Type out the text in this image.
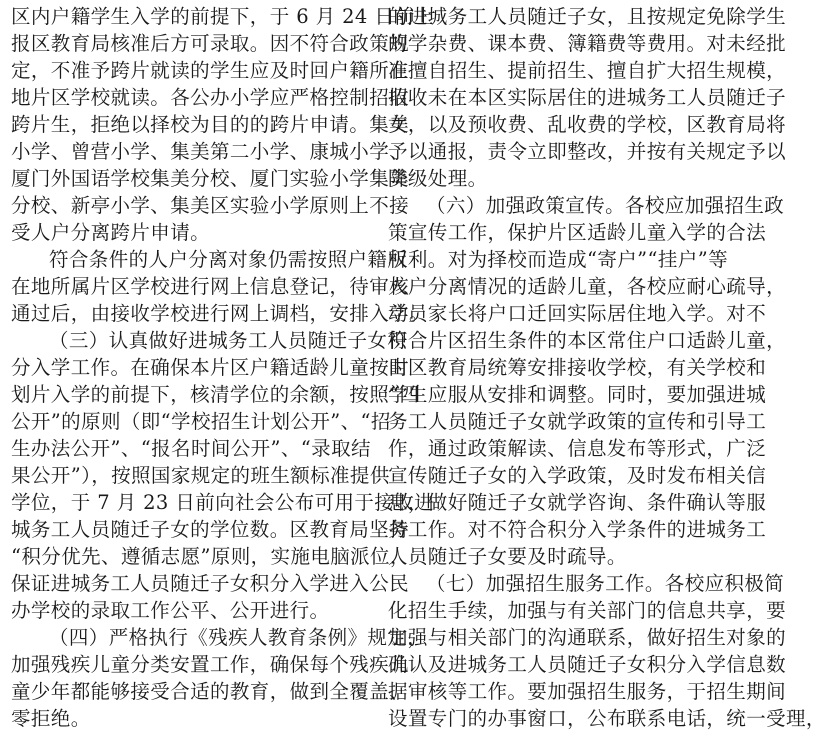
区内户籍学生入学的前提下，于 6 月 24 日前上
报区教育局核准后方可录取。因不符合政策规
定，不准予跨片就读的学生应及时回户籍所在
地片区学校就读。各公办小学应严格控制招收
跨片生，拒绝以择校为目的的跨片申请。集美
小学、曾营小学、集美第二小学、康城小学、
厦门外国语学校集美分校、厦门实验小学集美
分校、新亭小学、集美区实验小学原则上不接
受人户分离跨片申请。
符合条件的人户分离对象仍需按照户籍所
在地所属片区学校进行网上信息登记，待审核
通过后，由接收学校进行网上调档，安排入学。
（三）认真做好进城务工人员随迁子女积
分入学工作。在确保本片区户籍适龄儿童按时
划片入学的前提下，核清学位的余额，按照“四
公开”的原则（即“学校招生计划公开”、“招
生办法公开”、“报名时间公开”、“录取结
果公开”），按照国家规定的班生额标准提供
学位，于 7 月 23 日前向社会公布可用于接收进
城务工人员随迁子女的学位数。区教育局坚持
“积分优先、遵循志愿”原则，实施电脑派位，
保证进城务工人员随迁子女积分入学进入公民
办学校的录取工作公平、公开进行。
（四）严格执行《残疾人教育条例》规定，
加强残疾儿童分类安置工作，确保每个残疾儿
童少年都能够接受合适的教育，做到全覆盖、
零拒绝。
的进城务工人员随迁子女，且按规定免除学生
的学杂费、课本费、簿籍费等费用。对未经批
准擅自招生、提前招生、擅自扩大招生规模，
招收未在本区实际居住的进城务工人员随迁子
女，以及预收费、乱收费的学校，区教育局将
予以通报，责令立即整改，并按有关规定予以
降级处理。
（六）加强政策宣传。各校应加强招生政
策宣传工作，保护片区适龄儿童入学的合法
权利。对为择校而造成“寄户”“挂户”等
人户分离情况的适龄儿童，各校应耐心疏导，
动员家长将户口迁回实际居住地入学。对不
符合片区招生条件的本区常住户口适龄儿童，
由区教育局统筹安排接收学校，有关学校和
学生应服从安排和调整。同时，要加强进城
务工人员随迁子女就学政策的宣传和引导工
作，通过政策解读、信息发布等形式，广泛
宣传随迁子女的入学政策，及时发布相关信
息，做好随迁子女就学咨询、条件确认等服
务工作。对不符合积分入学条件的进城务工
人员随迁子女要及时疏导。
（七）加强招生服务工作。各校应积极简
化招生手续，加强与有关部门的信息共享，要
加强与相关部门的沟通联系，做好招生对象的
确认及进城务工人员随迁子女积分入学信息数
据审核等工作。要加强招生服务，于招生期间
设置专门的办事窗口，公布联系电话，统一受理，
